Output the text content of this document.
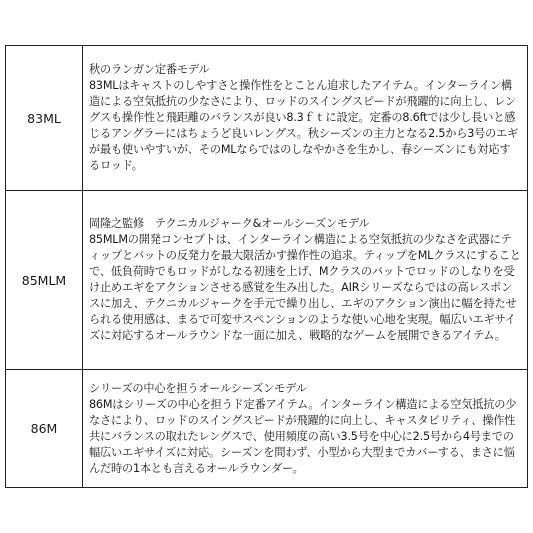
83ML	秋のランガン定番モデル
83MLはキャストのしやすさと操作性をとことん追求したアイテム。インターライン構造による空気抵抗の少なさにより、ロッドのスイングスピードが飛躍的に向上し、レングスも操作性と飛距離のバランスが良い8.3ｆｔに設定。定番の8.6ftでは少し長いと感じるアングラーにはちょうど良いレングス。秋シーズンの主力となる2.5から3号のエギが最も使いやすいが、そのMLならではのしなやかさを生かし、春シーズンにも対応するロッド。

85MLM	岡隆之監修　テクニカルジャーク&オールシーズンモデル
85MLMの開発コンセプトは、インターライン構造による空気抵抗の少なさを武器にティップとバットの反発力を最大限活かす操作性の追求。ティップをMLクラスにすることで、低負荷時でもロッドがしなる初速を上げ、Mクラスのバットでロッドのしなりを受け止めエギをアクションさせる感覚を生み出した。AIRシリーズならではの高レスポンスに加え、テクニカルジャークを手元で繰り出し、エギのアクション演出に幅を持たせられる使用感は、まるで可変サスペンションのような使い心地を実現。幅広いエギサイズに対応するオールラウンドな一面に加え、戦略的なゲームを展開できるアイテム。

86M	シリーズの中心を担うオールシーズンモデル
86Mはシリーズの中心を担うド定番アイテム。インターライン構造による空気抵抗の少なさにより、ロッドのスイングスピードが飛躍的に向上し、キャスタビリティ、操作性共にバランスの取れたレングスで、使用頻度の高い3.5号を中心に2.5号から4号までの幅広いエギサイズに対応。シーズンを問わず、小型から大型までカバーする、まさに悩んだ時の1本とも言えるオールラウンダー。
